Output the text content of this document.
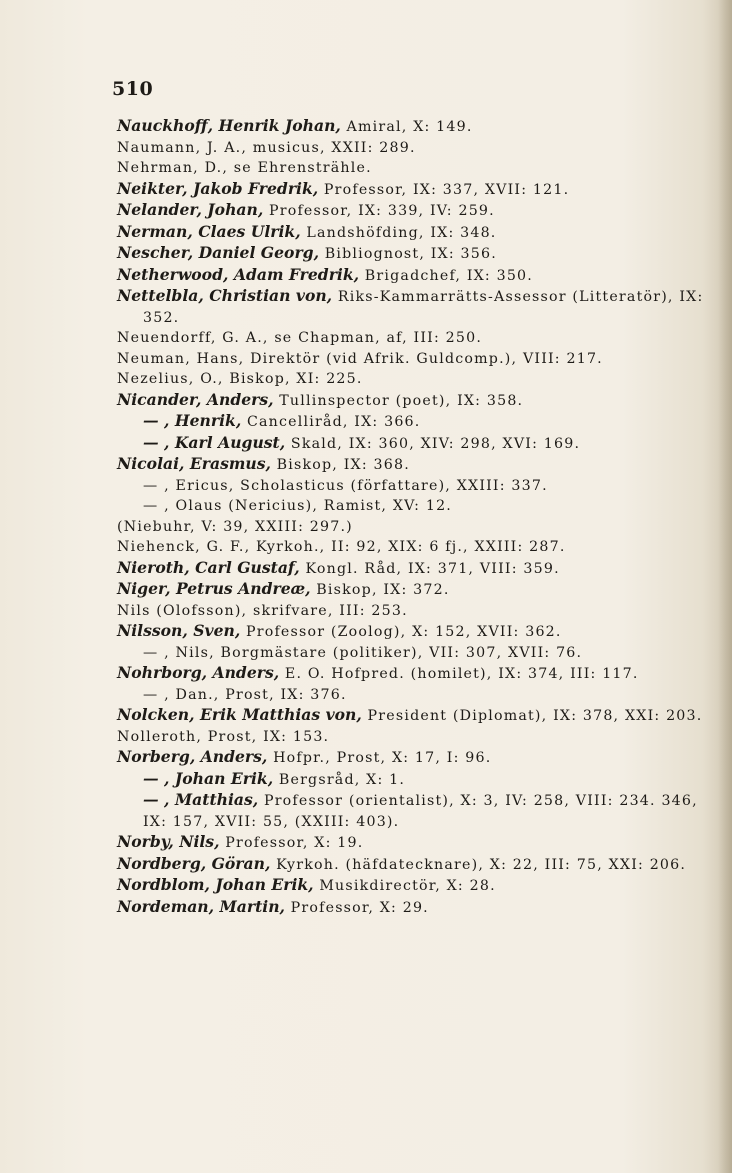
510
Nauckhoff, Henrik Johan, Amiral, X: 149.
Naumann, J. A., musicus, XXII: 289.
Nehrman, D., se Ehrensträhle.
Neikter, Jakob Fredrik, Professor, IX: 337, XVII: 121.
Nelander, Johan, Professor, IX: 339, IV: 259.
Nerman, Claes Ulrik, Landshöfding, IX: 348.
Nescher, Daniel Georg, Bibliognost, IX: 356.
Netherwood, Adam Fredrik, Brigadchef, IX: 350.
Nettelbla, Christian von, Riks-Kammarrätts-Assessor (Litteratör), IX: 352.
Neuendorff, G. A., se Chapman, af, III: 250.
Neuman, Hans, Direktör (vid Afrik. Guldcomp.), VIII: 217.
Nezelius, O., Biskop, XI: 225.
Nicander, Anders, Tullinspector (poet), IX: 358.
— , Henrik, Cancelliråd, IX: 366.
— , Karl August, Skald, IX: 360, XIV: 298, XVI: 169.
Nicolai, Erasmus, Biskop, IX: 368.
— , Ericus, Scholasticus (författare), XXIII: 337.
— , Olaus (Nericius), Ramist, XV: 12.
(Niebuhr, V: 39, XXIII: 297.)
Niehenck, G. F., Kyrkoh., II: 92, XIX: 6 fj., XXIII: 287.
Nieroth, Carl Gustaf, Kongl. Råd, IX: 371, VIII: 359.
Niger, Petrus Andreæ, Biskop, IX: 372.
Nils (Olofsson), skrifvare, III: 253.
Nilsson, Sven, Professor (Zoolog), X: 152, XVII: 362.
— , Nils, Borgmästare (politiker), VII: 307, XVII: 76.
Nohrborg, Anders, E. O. Hofpred. (homilet), IX: 374, III: 117.
— , Dan., Prost, IX: 376.
Nolcken, Erik Matthias von, President (Diplomat), IX: 378, XXI: 203.
Nolleroth, Prost, IX: 153.
Norberg, Anders, Hofpr., Prost, X: 17, I: 96.
— , Johan Erik, Bergsråd, X: 1.
— , Matthias, Professor (orientalist), X: 3, IV: 258, VIII: 234. 346, IX: 157, XVII: 55, (XXIII: 403).
Norby, Nils, Professor, X: 19.
Nordberg, Göran, Kyrkoh. (häfdatecknare), X: 22, III: 75, XXI: 206.
Nordblom, Johan Erik, Musikdirectör, X: 28.
Nordeman, Martin, Professor, X: 29.
